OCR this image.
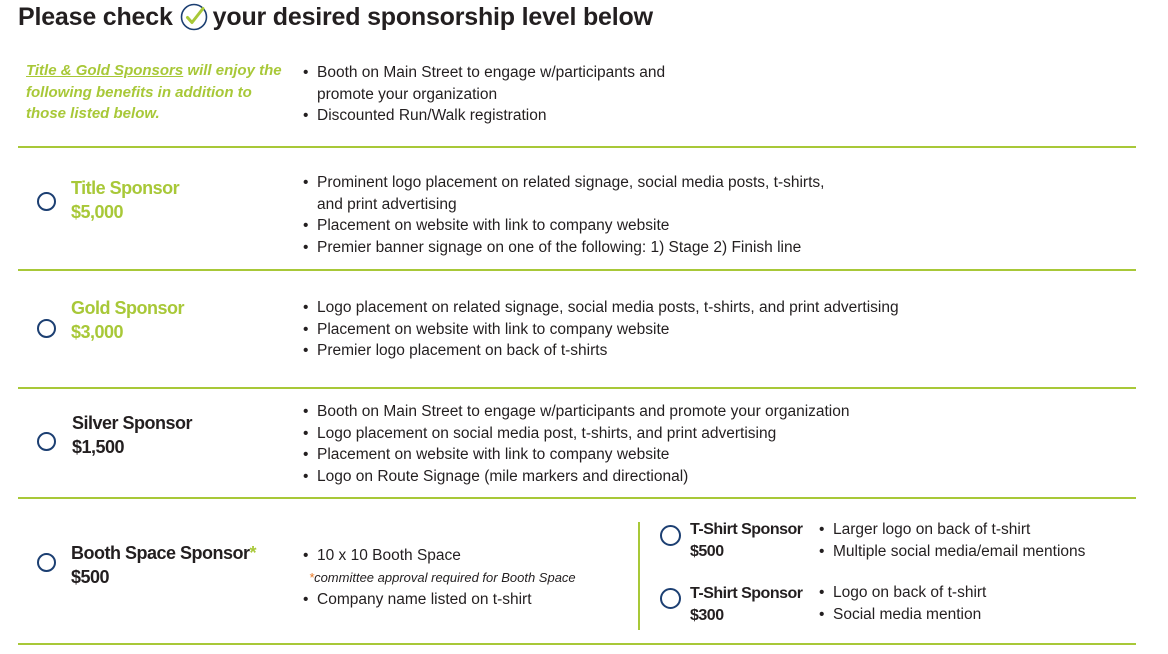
Please check your desired sponsorship level below
Title & Gold Sponsors will enjoy the following benefits in addition to those listed below.
• Booth on Main Street to engage w/participants and
promote your organization
• Discounted Run/Walk registration
Title Sponsor
$5,000
• Prominent logo placement on related signage, social media posts, t-shirts,
and print advertising
• Placement on website with link to company website
• Premier banner signage on one of the following: 1) Stage 2) Finish line
Gold Sponsor
$3,000
• Logo placement on related signage, social media posts, t-shirts, and print advertising
• Placement on website with link to company website
• Premier logo placement on back of t-shirts
Silver Sponsor
$1,500
• Booth on Main Street to engage w/participants and promote your organization
• Logo placement on social media post, t-shirts, and print advertising
• Placement on website with link to company website
• Logo on Route Signage (mile markers and directional)
Booth Space Sponsor*
$500
• 10 x 10 Booth Space
*committee approval required for Booth Space
• Company name listed on t-shirt
T-Shirt Sponsor
$500
• Larger logo on back of t-shirt
• Multiple social media/email mentions
T-Shirt Sponsor
$300
• Logo on back of t-shirt
• Social media mention
